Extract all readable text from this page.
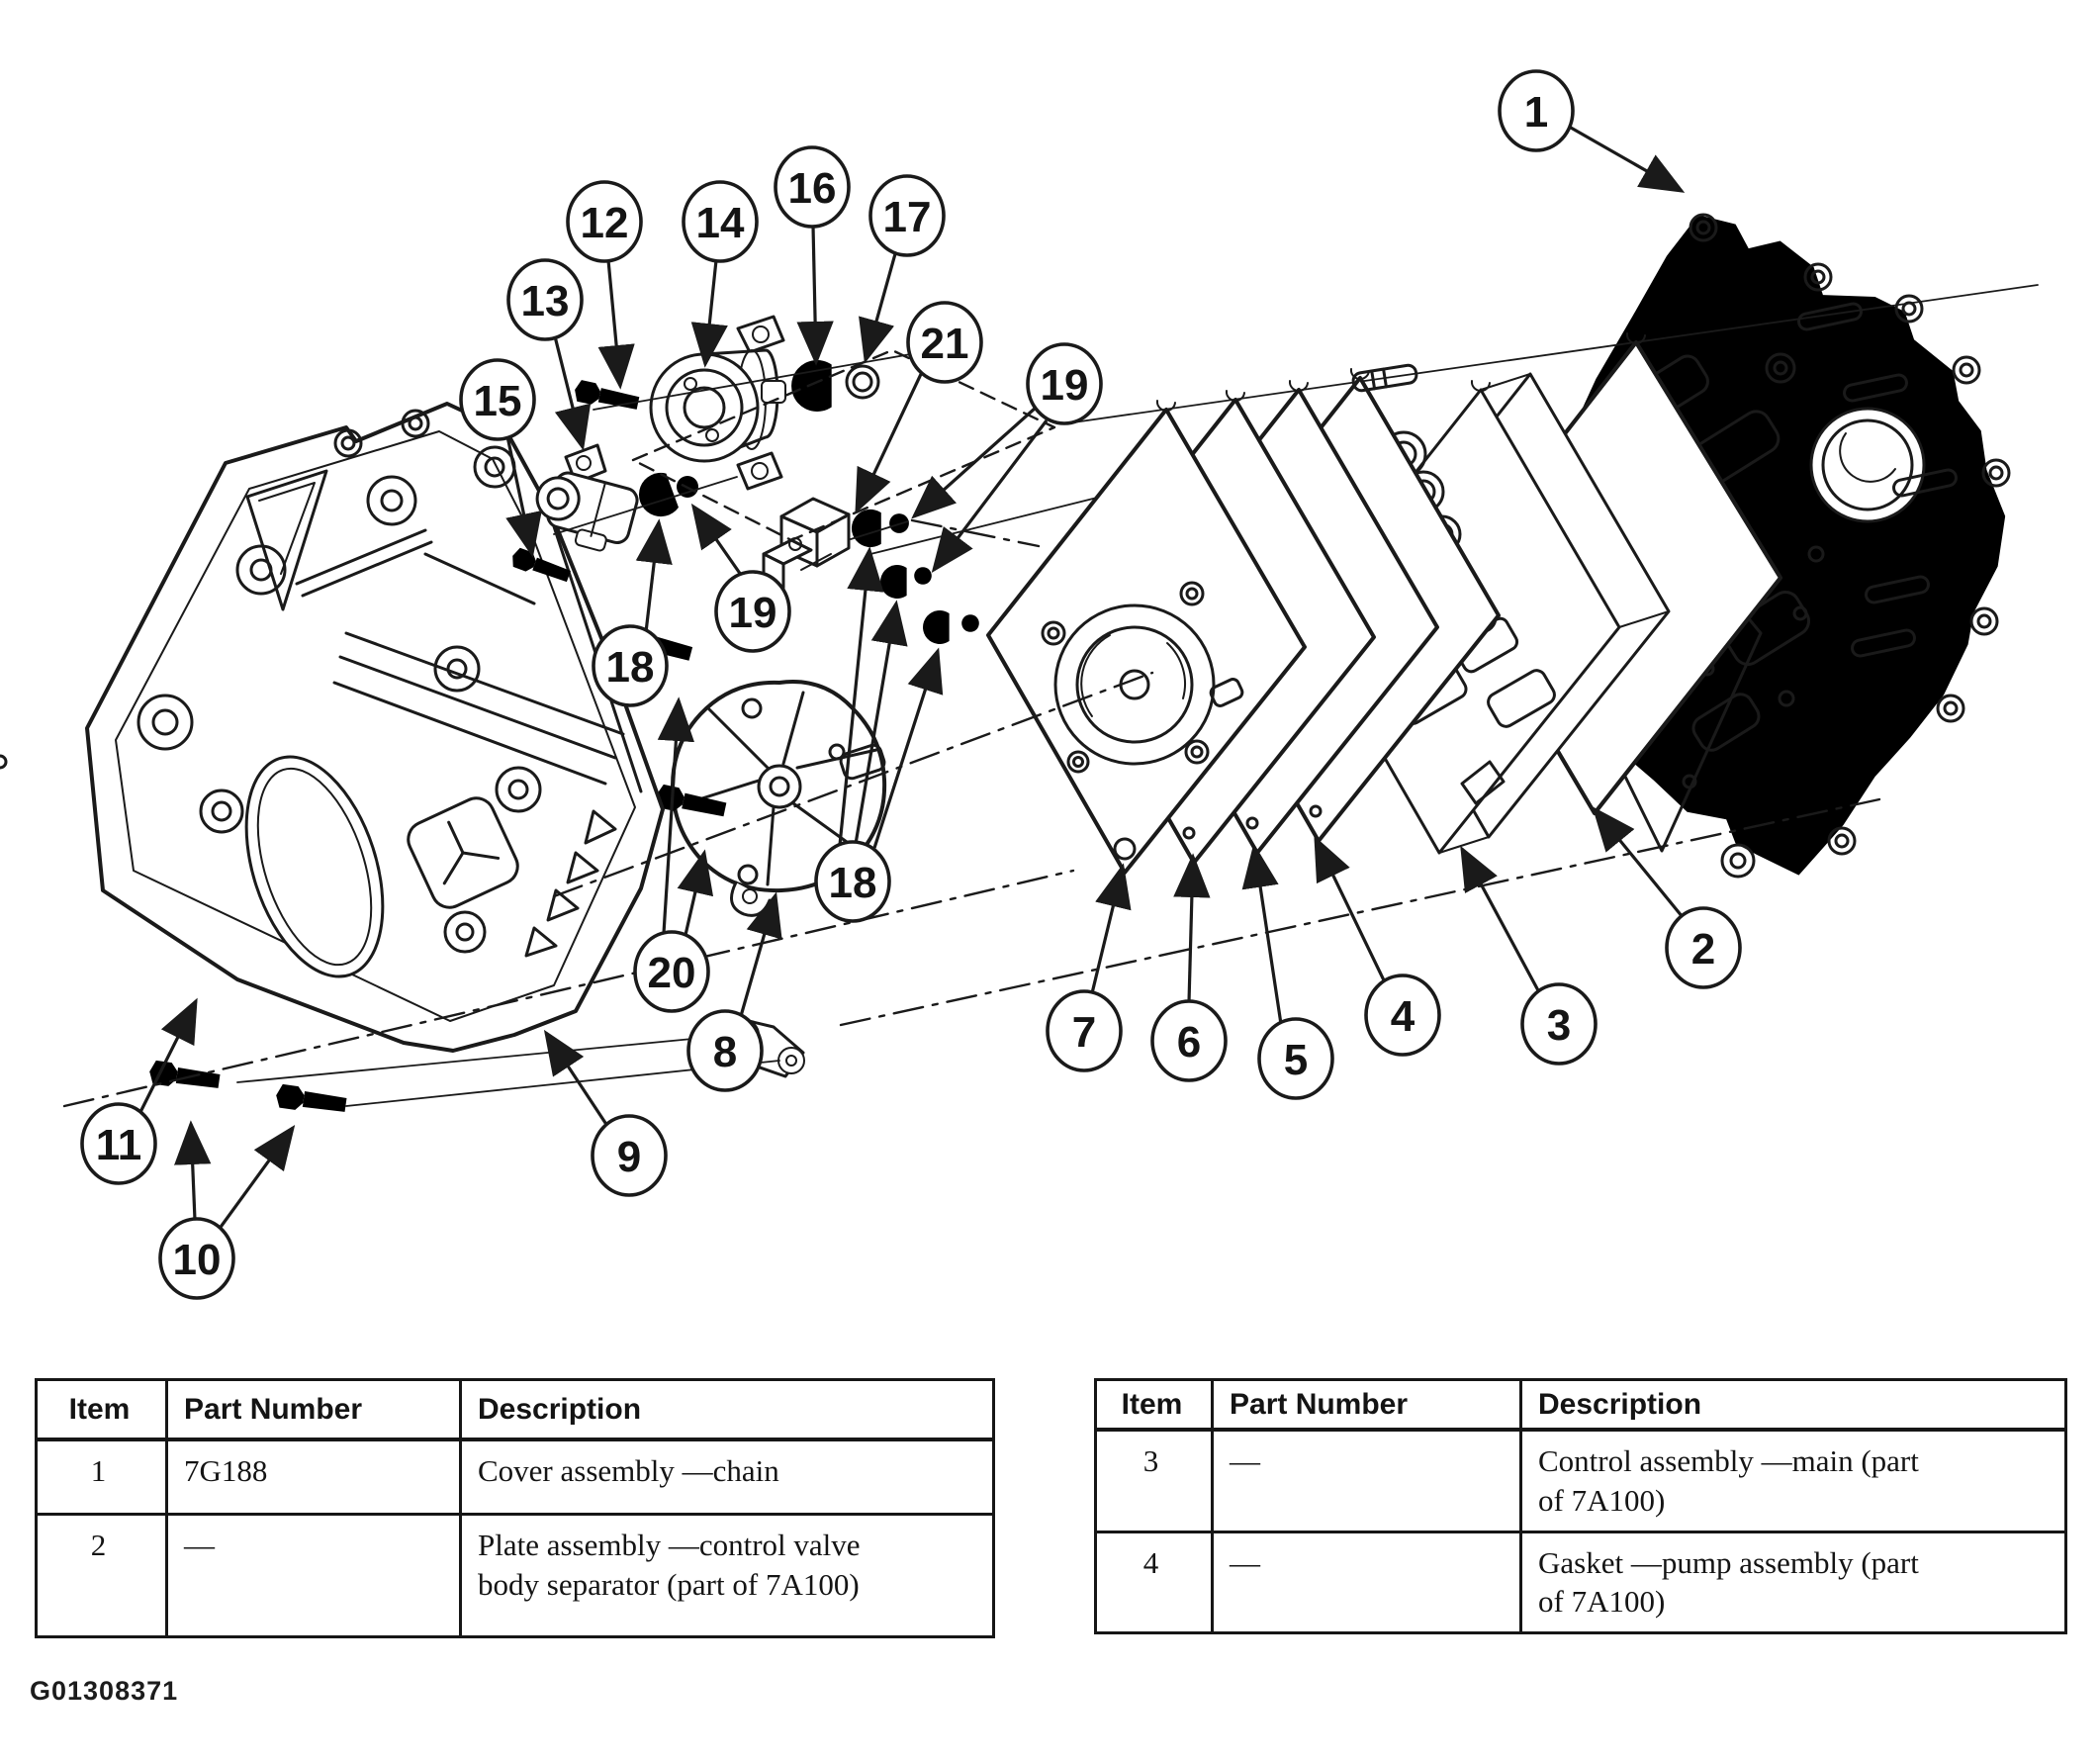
1
2
3
4
5
6
7
8
9
10
11
12
13
14
15
16
17
18
18
19
19
20
21
Item	Part Number	Description
1	7G188	Cover assembly —chain
2	—	Plate assembly —control valve body separator (part of 7A100)
Item	Part Number	Description
3	—	Control assembly —main (part of 7A100)
4	—	Gasket —pump assembly (part of 7A100)
G01308371
